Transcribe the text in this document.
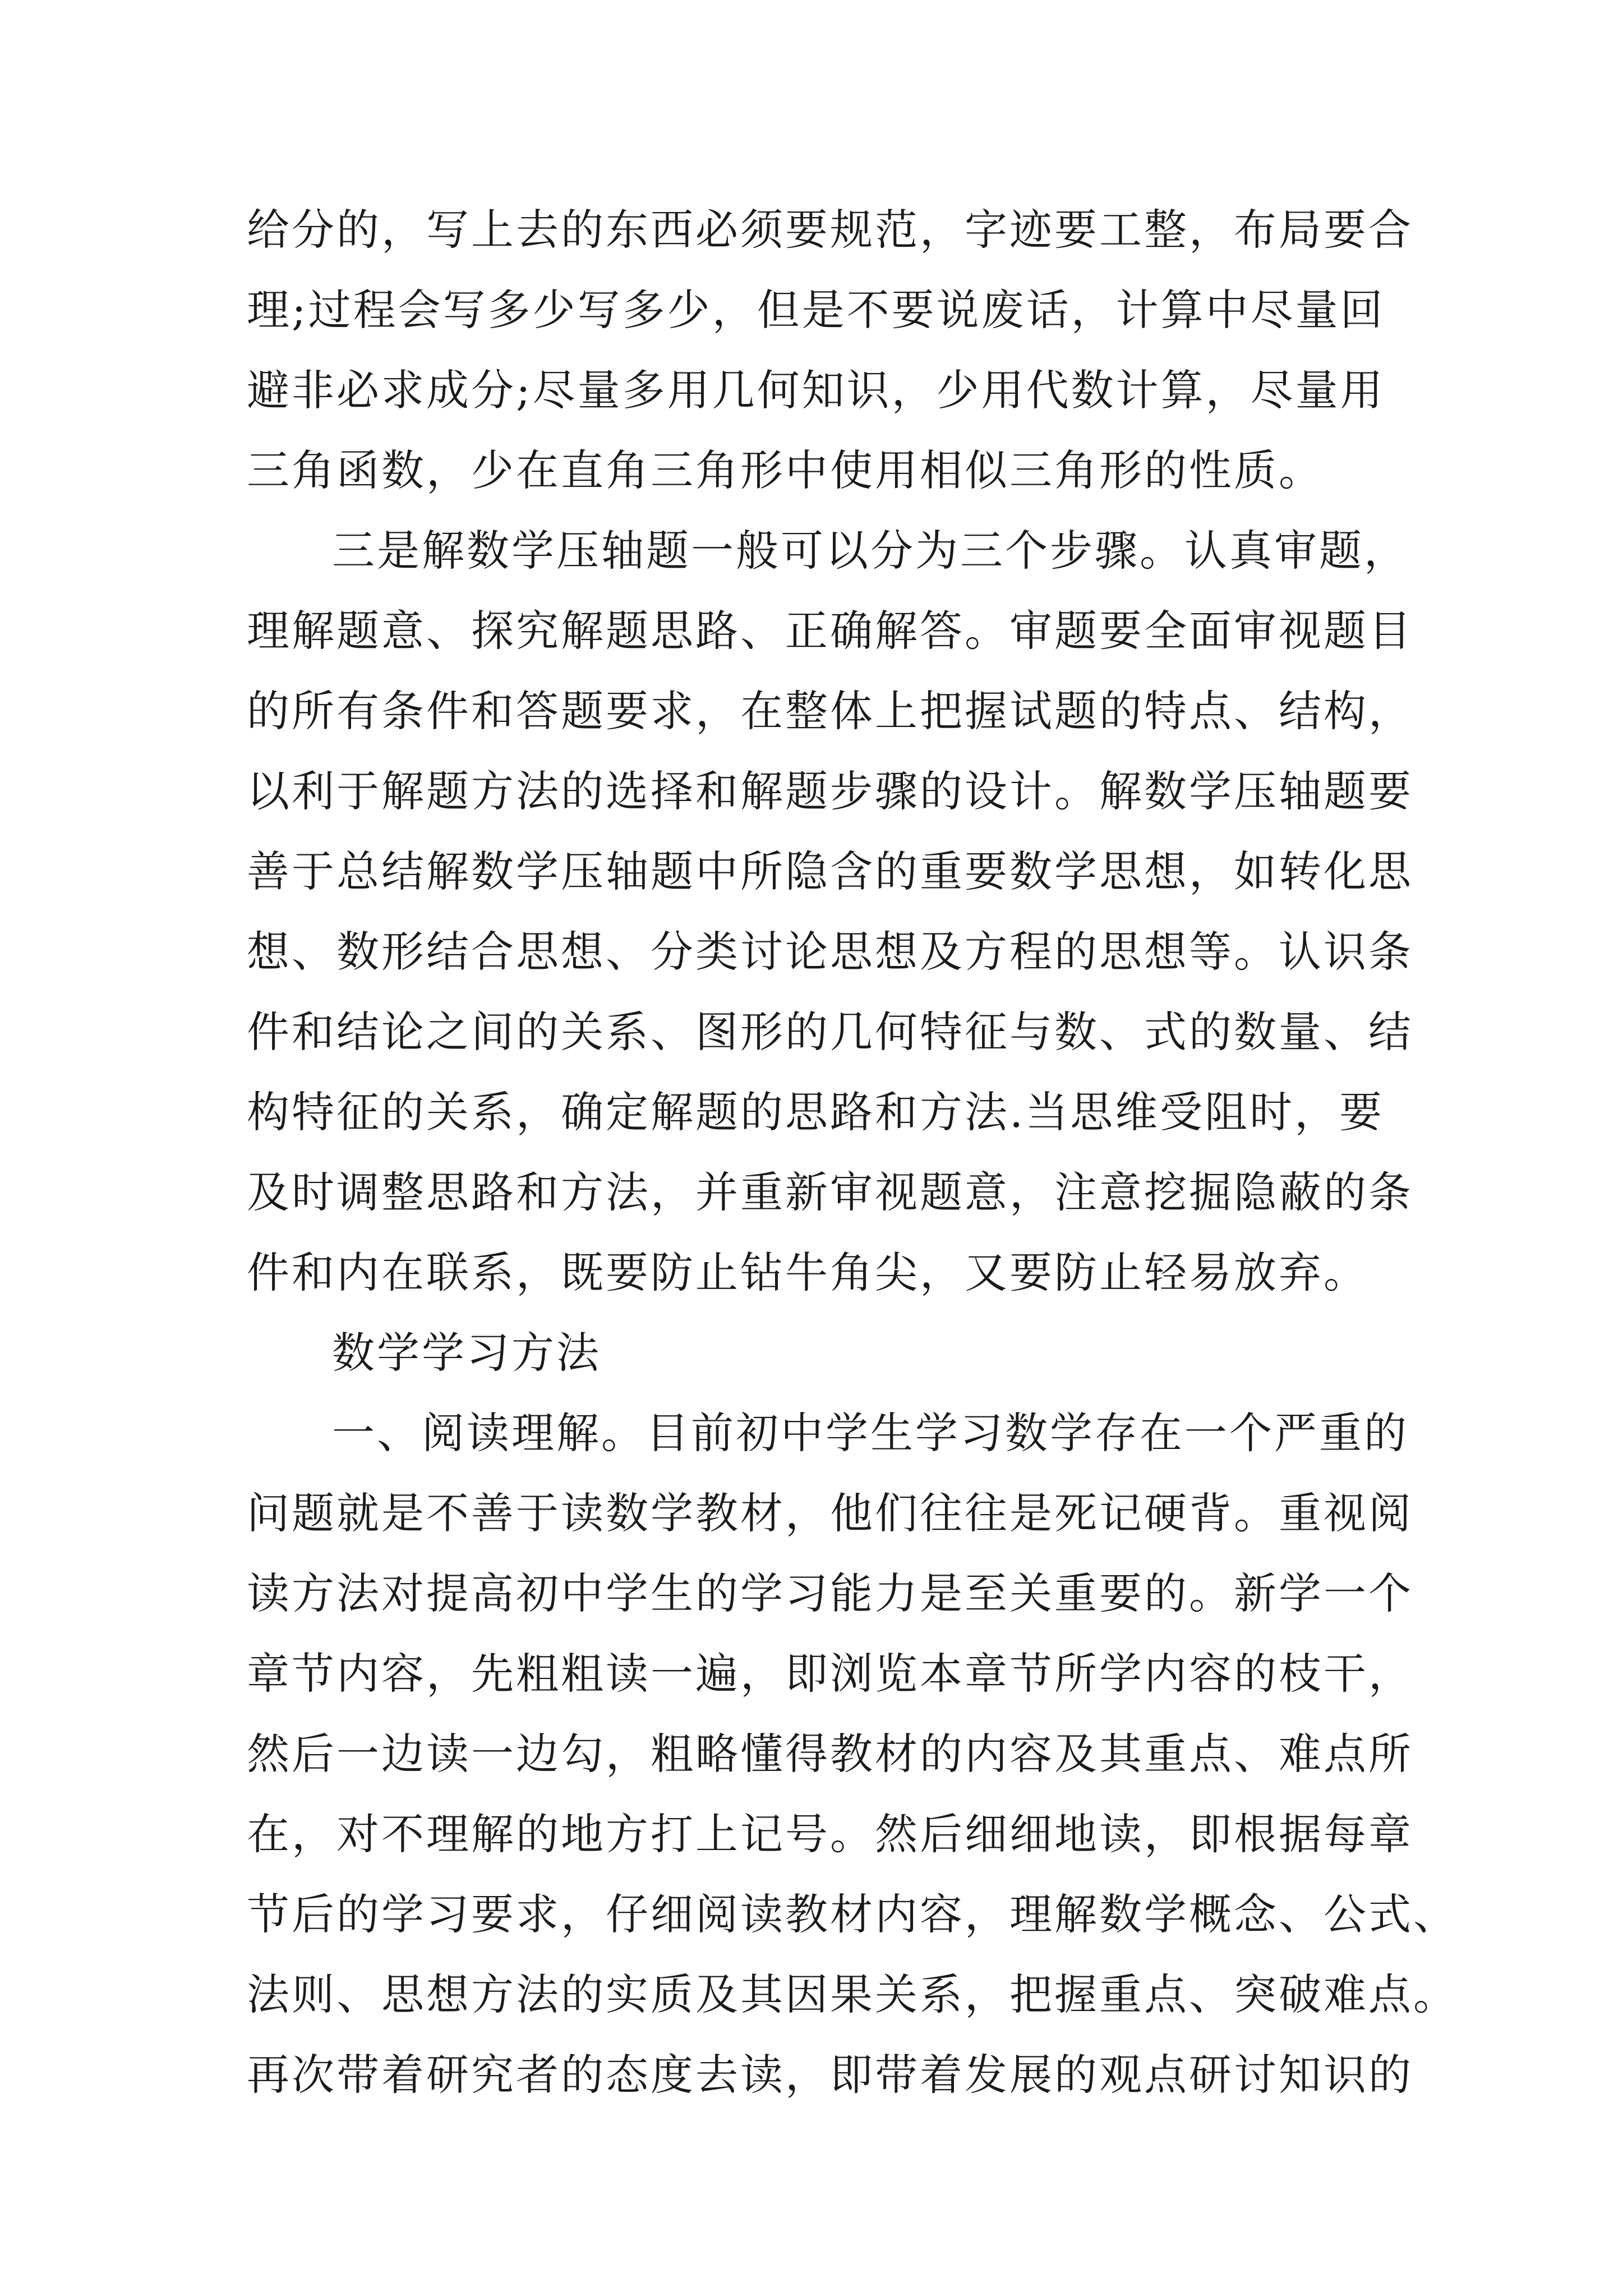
给分的，写上去的东西必须要规范，字迹要工整，布局要合
理;过程会写多少写多少，但是不要说废话，计算中尽量回
避非必求成分;尽量多用几何知识，少用代数计算，尽量用
三角函数，少在直角三角形中使用相似三角形的性质。
三是解数学压轴题一般可以分为三个步骤。认真审题，
理解题意、探究解题思路、正确解答。审题要全面审视题目
的所有条件和答题要求，在整体上把握试题的特点、结构，
以利于解题方法的选择和解题步骤的设计。解数学压轴题要
善于总结解数学压轴题中所隐含的重要数学思想，如转化思
想、数形结合思想、分类讨论思想及方程的思想等。认识条
件和结论之间的关系、图形的几何特征与数、式的数量、结
构特征的关系，确定解题的思路和方法.当思维受阻时，要
及时调整思路和方法，并重新审视题意，注意挖掘隐蔽的条
件和内在联系，既要防止钻牛角尖，又要防止轻易放弃。
数学学习方法
一、阅读理解。目前初中学生学习数学存在一个严重的
问题就是不善于读数学教材，他们往往是死记硬背。重视阅
读方法对提高初中学生的学习能力是至关重要的。新学一个
章节内容，先粗粗读一遍，即浏览本章节所学内容的枝干，
然后一边读一边勾，粗略懂得教材的内容及其重点、难点所
在，对不理解的地方打上记号。然后细细地读，即根据每章
节后的学习要求，仔细阅读教材内容，理解数学概念、公式、
法则、思想方法的实质及其因果关系，把握重点、突破难点。
再次带着研究者的态度去读，即带着发展的观点研讨知识的
